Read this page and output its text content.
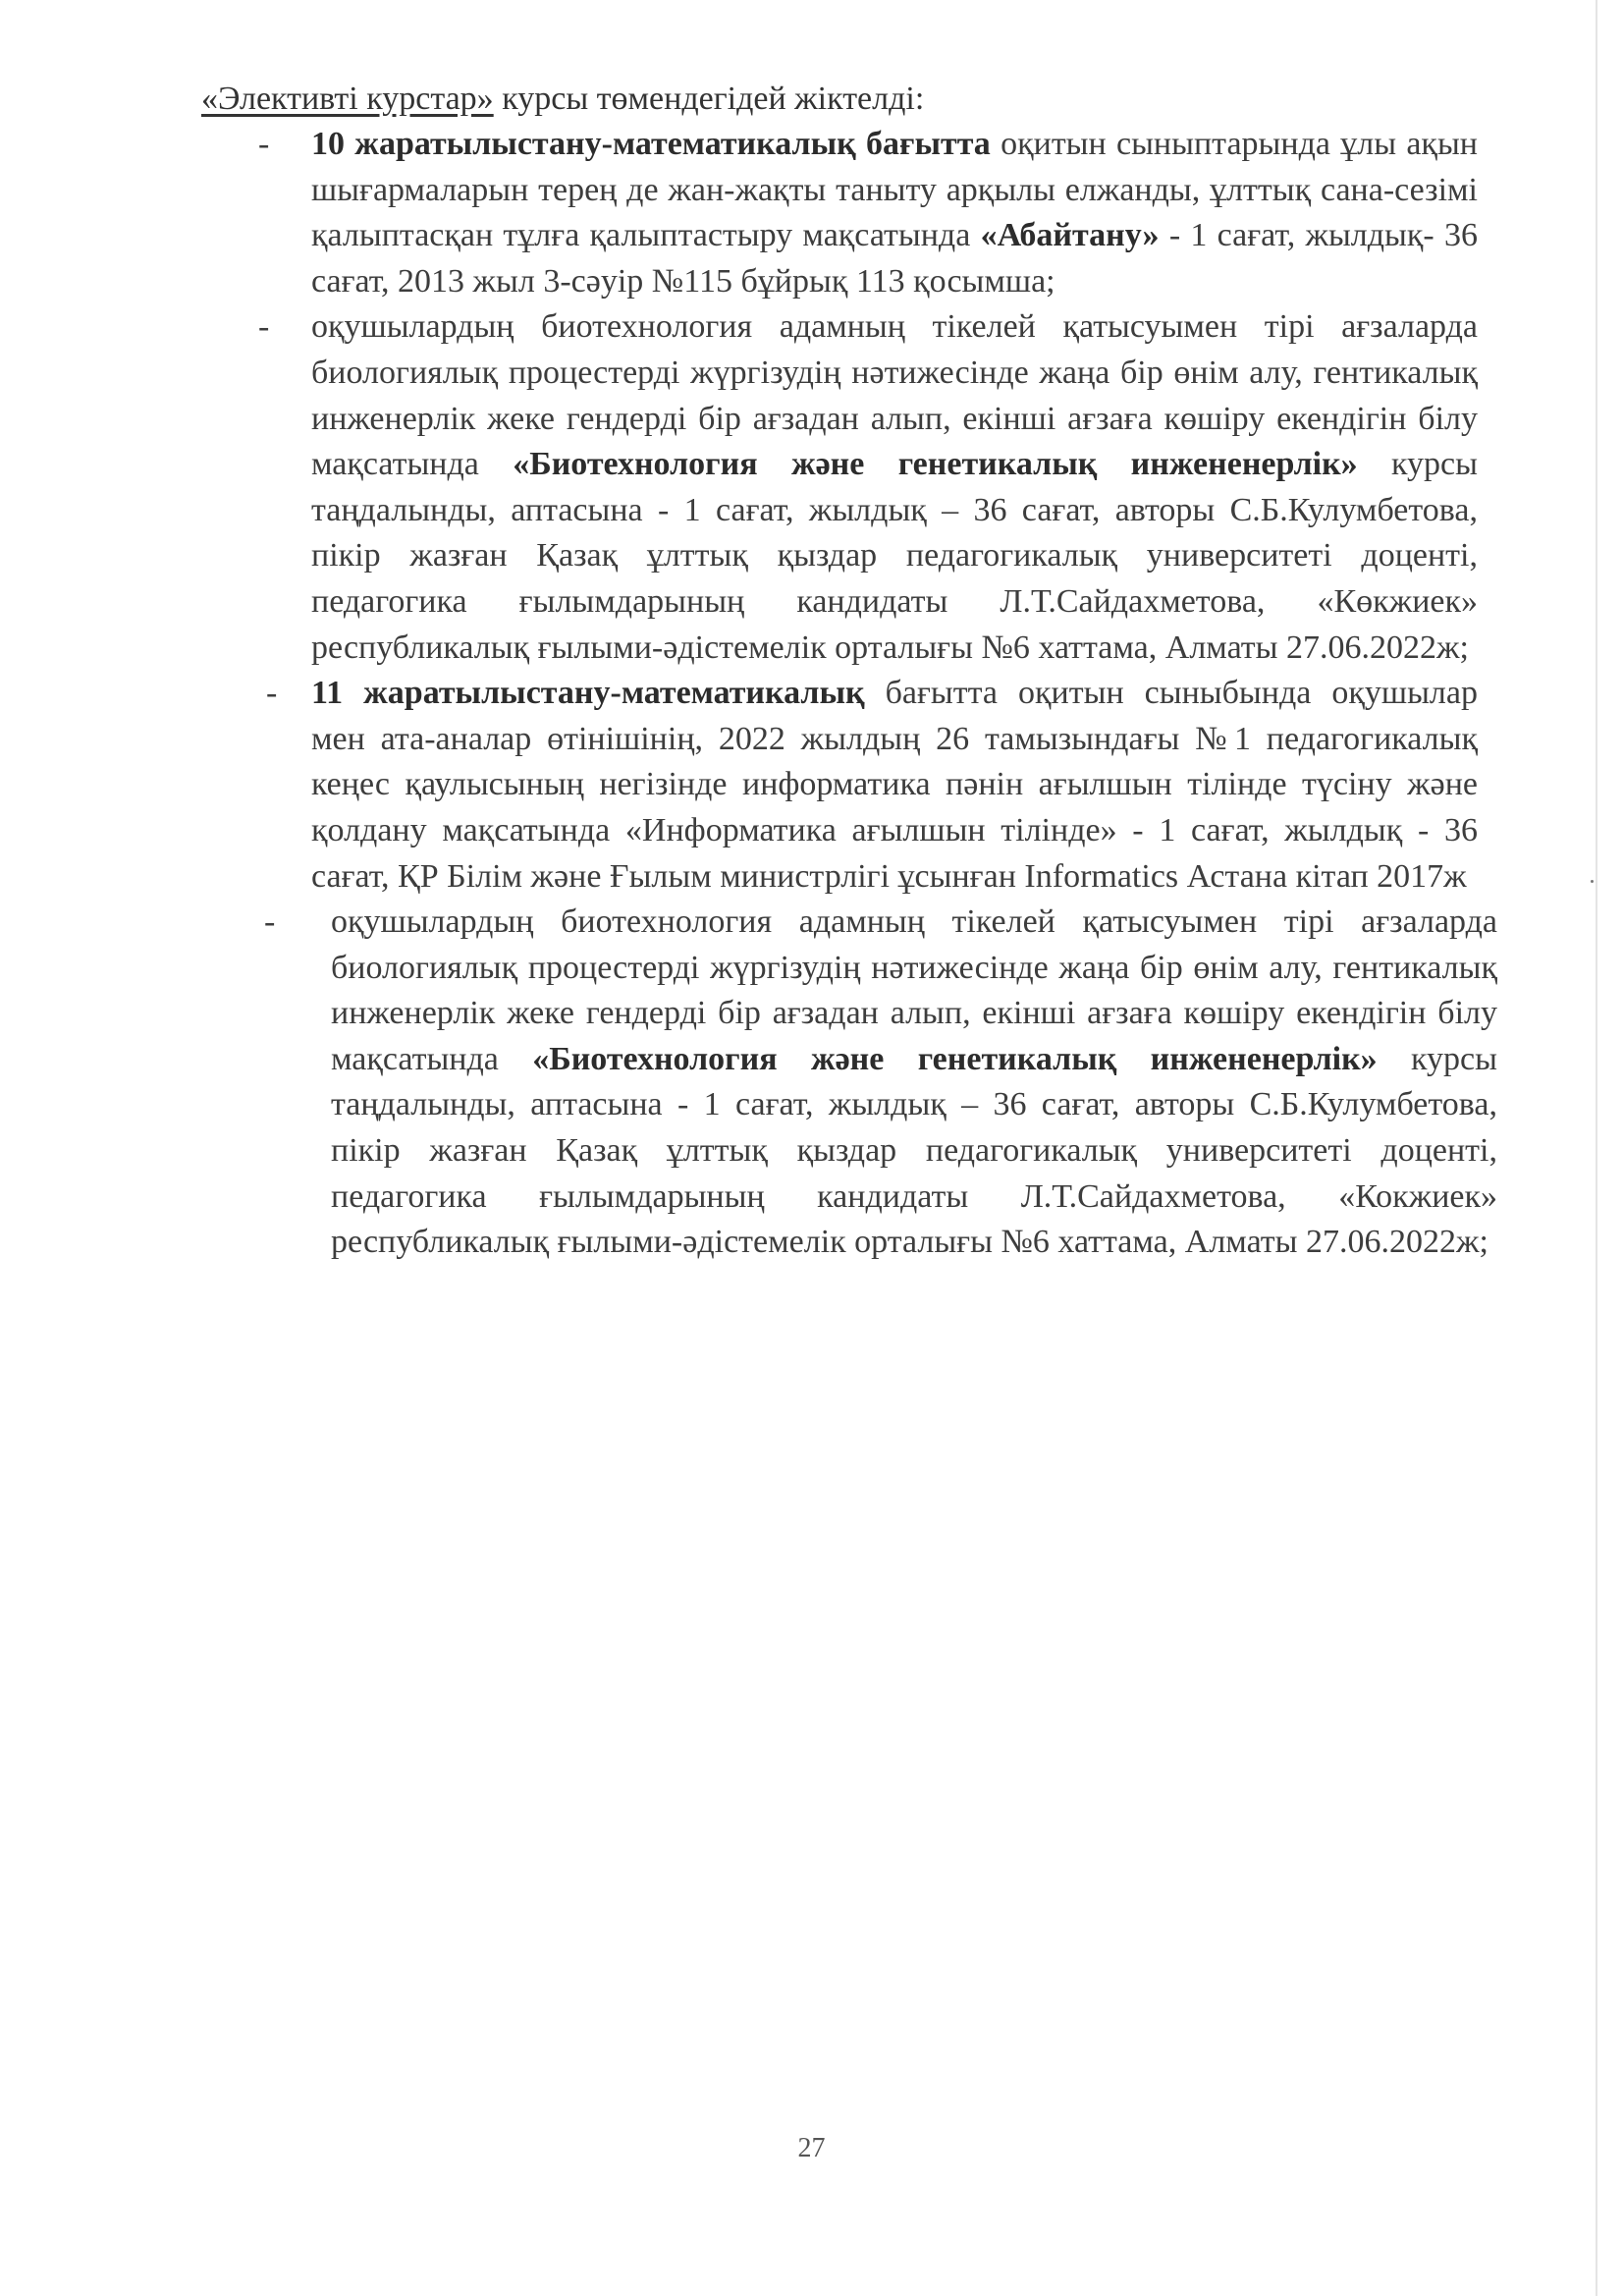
«Элективті курстар» курсы төмендегідей жіктелді:

- 10 жаратылыстану-математикалық бағытта оқитын сыныптарында ұлы ақын шығармаларын терең де жан-жақты таныту арқылы елжанды, ұлттық сана-сезімі қалыптасқан тұлға қалыптастыру мақсатында «Абайтану» - 1 сағат, жылдық- 36 сағат, 2013 жыл 3-сәуір №115 бұйрық 113 қосымша;
- оқушылардың биотехнология адамның тікелей қатысуымен тірі ағзаларда биологиялық процестерді жүргізудің нәтижесінде жаңа бір өнім алу, гентикалық инженерлік жеке гендерді бір ағзадан алып, екінші ағзаға көшіру екендігін білу мақсатында «Биотехнология және генетикалық инжененерлік» курсы таңдалынды, аптасына - 1 сағат, жылдық – 36 сағат, авторы С.Б.Кулумбетова, пікір жазған Қазақ ұлттық қыздар педагогикалық университеті доценті, педагогика ғылымдарының кандидаты Л.Т.Сайдахметова, «Көкжиек» республикалық ғылыми-әдістемелік орталығы №6 хаттама, Алматы 27.06.2022ж;
- 11 жаратылыстану-математикалық бағытта оқитын сыныбында оқушылар мен ата-аналар өтінішінің, 2022 жылдың 26 тамызындағы №1 педагогикалық кеңес қаулысының негізінде информатика пәнін ағылшын тілінде түсіну және қолдану мақсатында «Информатика ағылшын тілінде» - 1 сағат, жылдық - 36 сағат, ҚР Білім және Ғылым министрлігі ұсынған Informatics Астана кітап 2017ж
- оқушылардың биотехнология адамның тікелей қатысуымен тірі ағзаларда биологиялық процестерді жүргізудің нәтижесінде жаңа бір өнім алу, гентикалық инженерлік жеке гендерді бір ағзадан алып, екінші ағзаға көшіру екендігін білу мақсатында «Биотехнология және генетикалық инжененерлік» курсы таңдалынды, аптасына - 1 сағат, жылдық – 36 сағат, авторы С.Б.Кулумбетова, пікір жазған Қазақ ұлттық қыздар педагогикалық университеті доценті, педагогика ғылымдарының кандидаты Л.Т.Сайдахметова, «Кокжиек» республикалық ғылыми-әдістемелік орталығы №6 хаттама, Алматы 27.06.2022ж;
27
